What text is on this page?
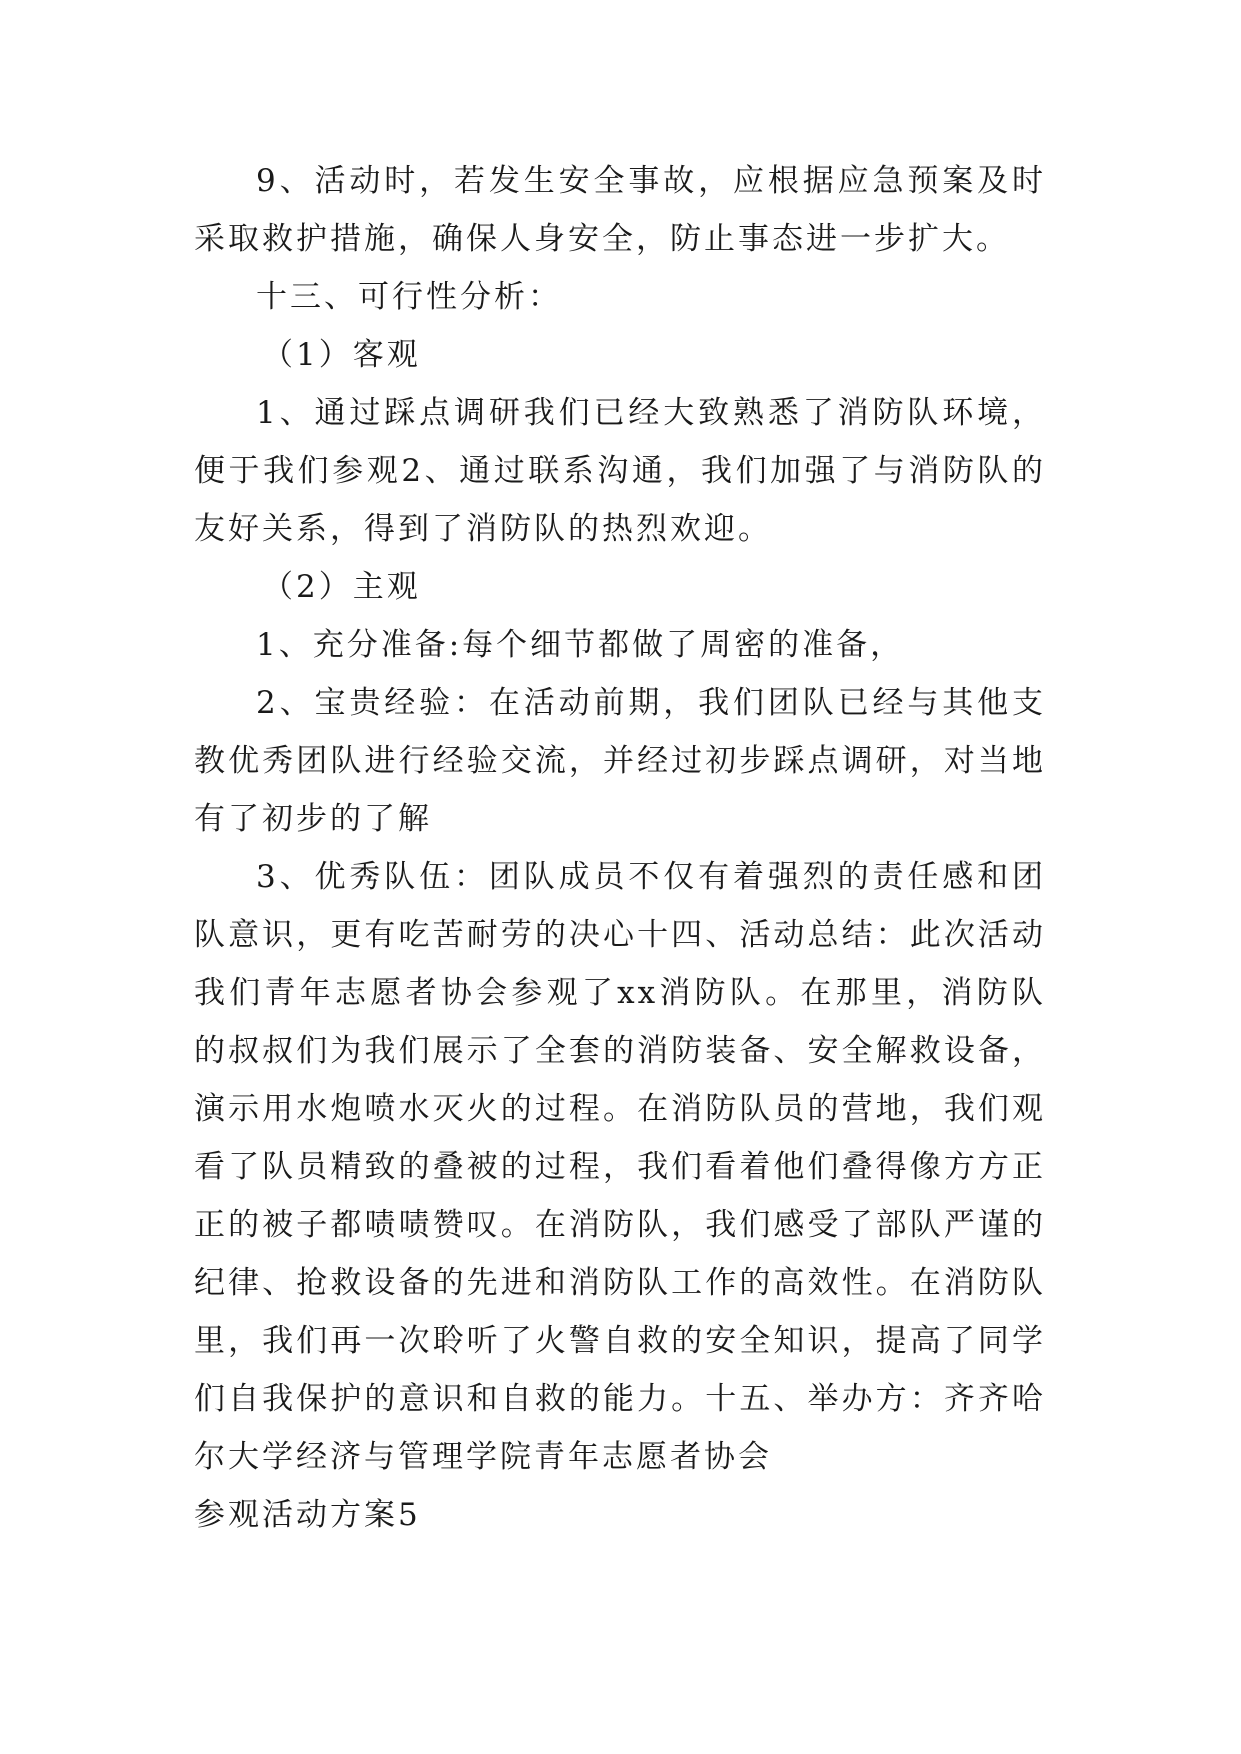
9、活动时，若发生安全事故，应根据应急预案及时采取救护措施，确保人身安全，防止事态进一步扩大。

十三、可行性分析：

（1）客观

1、通过踩点调研我们已经大致熟悉了消防队环境，便于我们参观2、通过联系沟通，我们加强了与消防队的友好关系，得到了消防队的热烈欢迎。

（2）主观

1、充分准备:每个细节都做了周密的准备，

2、宝贵经验：在活动前期，我们团队已经与其他支教优秀团队进行经验交流，并经过初步踩点调研，对当地有了初步的了解

3、优秀队伍：团队成员不仅有着强烈的责任感和团队意识，更有吃苦耐劳的决心十四、活动总结：此次活动我们青年志愿者协会参观了xx消防队。在那里，消防队的叔叔们为我们展示了全套的消防装备、安全解救设备，演示用水炮喷水灭火的过程。在消防队员的营地，我们观看了队员精致的叠被的过程，我们看着他们叠得像方方正正的被子都啧啧赞叹。在消防队，我们感受了部队严谨的纪律、抢救设备的先进和消防队工作的高效性。在消防队里，我们再一次聆听了火警自救的安全知识，提高了同学们自我保护的意识和自救的能力。十五、举办方：齐齐哈尔大学经济与管理学院青年志愿者协会

参观活动方案5
